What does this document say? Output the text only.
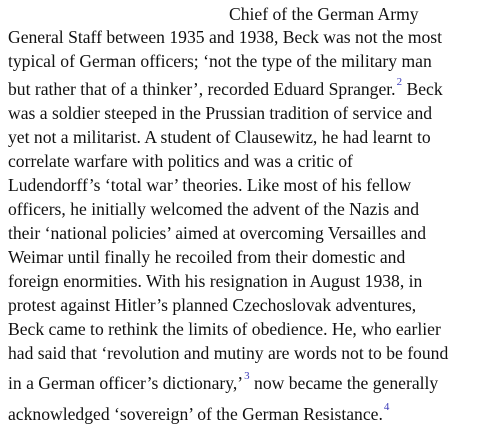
Chief of the German Army
General Staff between 1935 and 1938, Beck was not the most
typical of German officers; ‘not the type of the military man
but rather that of a thinker’, recorded Eduard Spranger.$^2$ Beck
was a soldier steeped in the Prussian tradition of service and
yet not a militarist. A student of Clausewitz, he had learnt to
correlate warfare with politics and was a critic of
Ludendorff’s ‘total war’ theories. Like most of his fellow
officers, he initially welcomed the advent of the Nazis and
their ‘national policies’ aimed at overcoming Versailles and
Weimar until finally he recoiled from their domestic and
foreign enormities. With his resignation in August 1938, in
protest against Hitler’s planned Czechoslovak adventures,
Beck came to rethink the limits of obedience. He, who earlier
had said that ‘revolution and mutiny are words not to be found
in a German officer’s dictionary,’$^3$ now became the generally
acknowledged ‘sovereign’ of the German Resistance.$^4$
